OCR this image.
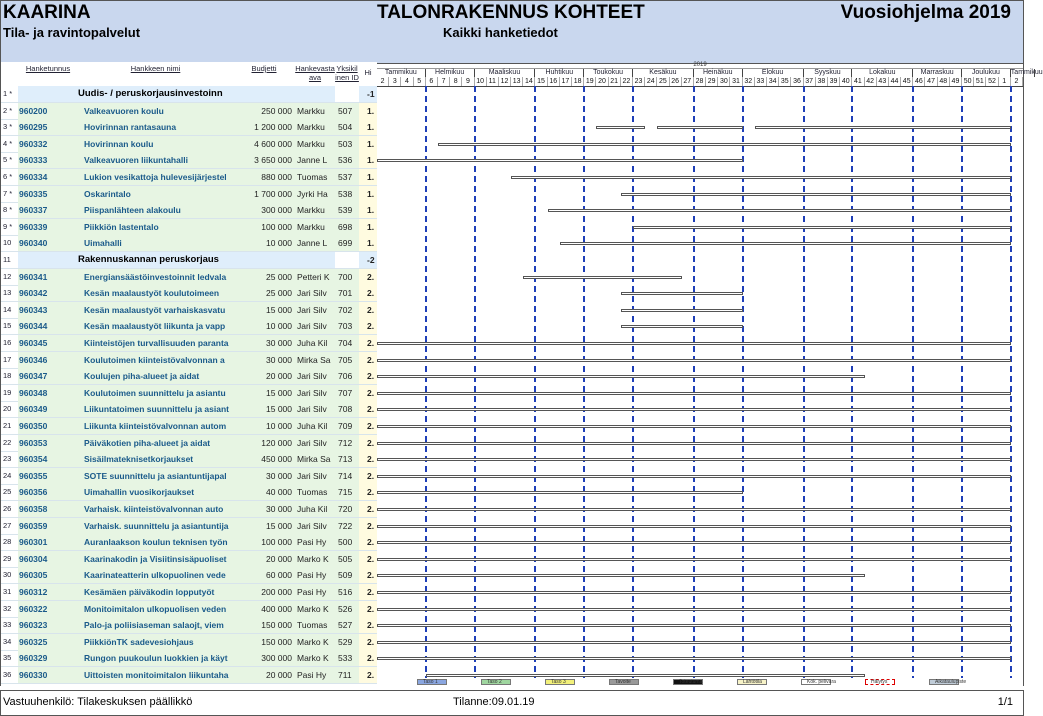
KAARINA
Tila- ja ravintopalvelut
TALONRAKENNUS KOHTEET
Kaikki hanketiedot
Vuosiohjelma 2019
Hanketunnus	Hankkeen nimi	Budjetti	Hankevasta ava
Yksikil inen ID
Hi
1 *	Uudis- / peruskorjausinvestoinn	-1
2 * 960200	Valkeavuoren koulu	250 000 Markku	507	1.
3 * 960295	Hovirinnan rantasauna	1 200 000 Markku	504	1.
4 * 960332	Hovirinnan koulu	4 600 000 Markku	503	1.
5 * 960333	Valkeavuoren liikuntahalli	3 650 000 Janne L	536	1.
6 * 960334	Lukion vesikattoja hulevesijärjestel	880 000 Tuomas	537	1.
7 * 960335	Oskarintalo	1 700 000 Jyrki Ha	538	1.
8 * 960337	Piispanlähteen alakoulu	300 000 Markku	539	1.
9 * 960339	Piikkiön lastentalo	100 000 Markku	698	1.
10 960340	Uimahalli	10 000 Janne L	699	1.
11	Rakennuskannan peruskorjaus	-2
12 960341	Energiansäästöinvestoinnit ledvala	25 000 Petteri K 700	2.
13 960342	Kesän maalaustyöt koulutoimeen	25 000 Jari Silv	701	2.
14 960343	Kesän maalaustyöt varhaiskasvatu	15 000 Jari Silv	702	2.
15 960344	Kesän maalaustyöt liikunta ja vapp	10 000 Jari Silv	703	2.
16 960345	Kiinteistöjen turvallisuuden paranta	30 000 Juha Kil	704	2.
17 960346	Koulutoimen kiinteistövalvonnan a	30 000 Mirka Sa 705	2.
18 960347	Koulujen piha-alueet ja aidat	20 000 Jari Silv	706	2.
19 960348	Koulutoimen suunnittelu ja asiantu	15 000 Jari Silv	707	2.
20 960349	Liikuntatoimen suunnittelu ja asiant	15 000 Jari Silv	708	2.
21 960350	Liikunta kiinteistövalvonnan autom	10 000 Juha Kil	709	2.
22 960353	Päiväkotien piha-alueet ja aidat	120 000 Jari Silv	712	2.
23 960354	Sisäilmateknisetkorjaukset	450 000 Mirka Sa 713	2.
24 960355	SOTE suunnittelu ja asiantuntijapal	30 000 Jari Silv	714	2.
25 960356	Uimahallin vuosikorjaukset	40 000 Tuomas	715	2.
26 960358	Varhaisk. kiinteistövalvonnan auto	30 000 Juha Kil	720	2.
27 960359	Varhaisk. suunnittelu ja asiantuntija	15 000 Jari Silv	722	2.
28 960301	Auranlaakson koulun teknisen työn	100 000 Pasi Hy	500	2.
29 960304	Kaarinakodin ja Visiitinsisäpuoliset	20 000 Marko K	505	2.
30 960305	Kaarinateatterin ulkopuolinen vede	60 000 Pasi Hy	509	2.
31 960312	Kesämäen päiväkodin lopputyöt	200 000 Pasi Hy	516	2.
32 960322	Monitoimitalon ulkopuolisen veden	400 000 Marko K	526	2.
33 960323	Palo-ja poliisiaseman salaojt, viem	150 000 Tuomas	527	2.
34 960325	PiikkiönTK sadevesiohjaus	150 000 Marko K	529	2.
35 960329	Rungon puukoulun luokkien ja käyt	300 000 Marko K	533	2.
36 960330	Uittoisten monitoimitalon liikuntaha	20 000 Pasi Hy	711	2.
2019
Tammikuu	Helmikuu	Maaliskuu	Huhtikuu	Toukokuu	Kesäkuu	Heinäkuu	Elokuu	Syyskuu	Lokakuu	Marraskuu	Joulukuu	Tammikuu
2	3	4	5	6	7	8	9 10 11 12 13 14 15 16 17 18 19 20 21 22 23 24 25 26 27 28 29 30 31 32 33 34 35 36 37 38 39 40 41 42 43 44 45 46 47 48 49 50 51 52 1	2
Taso 1	Taso 2	Taso 3	Tavoite	Toteutuma	Lähtötila	Kok. pelivara	Hälytys	Aikataulupiste
Vastuuhenkilö: Tilakeskuksen päällikkö	Tilanne:09.01.19	1/1
